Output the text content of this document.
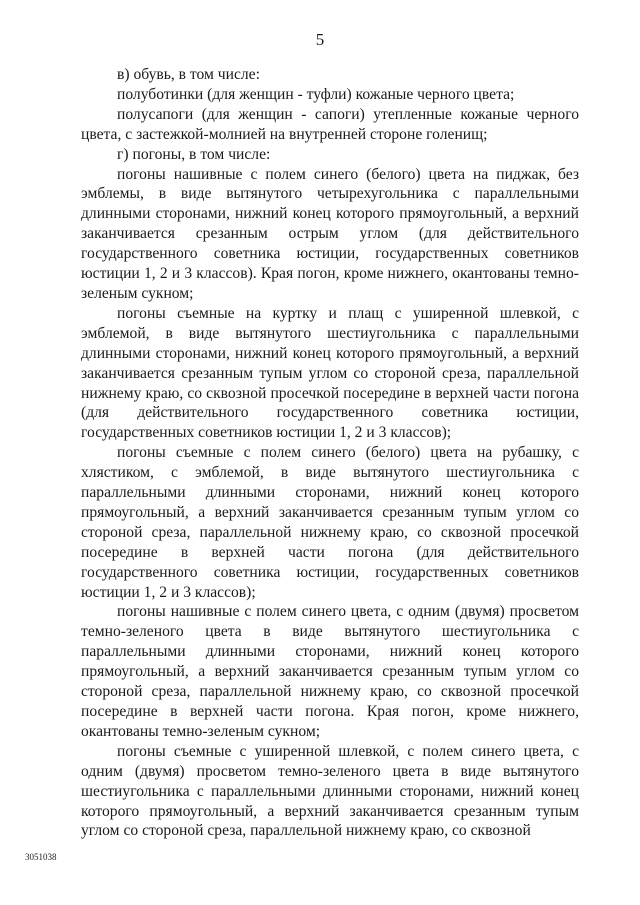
5

в) обувь, в том числе:

полуботинки (для женщин - туфли) кожаные черного цвета;

полусапоги (для женщин - сапоги) утепленные кожаные черного цвета, с застежкой-молнией на внутренней стороне голенищ;

г) погоны, в том числе:

погоны нашивные с полем синего (белого) цвета на пиджак, без эмблемы, в виде вытянутого четырехугольника с параллельными длинными сторонами, нижний конец которого прямоугольный, а верхний заканчивается срезанным острым углом (для действительного государственного советника юстиции, государственных советников юстиции 1, 2 и 3 классов). Края погон, кроме нижнего, окантованы темно-зеленым сукном;

погоны съемные на куртку и плащ с уширенной шлевкой, с эмблемой, в виде вытянутого шестиугольника с параллельными длинными сторонами, нижний конец которого прямоугольный, а верхний заканчивается срезанным тупым углом со стороной среза, параллельной нижнему краю, со сквозной просечкой посередине в верхней части погона (для действительного государственного советника юстиции, государственных советников юстиции 1, 2 и 3 классов);

погоны съемные с полем синего (белого) цвета на рубашку, с хлястиком, с эмблемой, в виде вытянутого шестиугольника с параллельными длинными сторонами, нижний конец которого прямоугольный, а верхний заканчивается срезанным тупым углом со стороной среза, параллельной нижнему краю, со сквозной просечкой посередине в верхней части погона (для действительного государственного советника юстиции, государственных советников юстиции 1, 2 и 3 классов);

погоны нашивные с полем синего цвета, с одним (двумя) просветом темно-зеленого цвета в виде вытянутого шестиугольника с параллельными длинными сторонами, нижний конец которого прямоугольный, а верхний заканчивается срезанным тупым углом со стороной среза, параллельной нижнему краю, со сквозной просечкой посередине в верхней части погона. Края погон, кроме нижнего, окантованы темно-зеленым сукном;

погоны съемные с уширенной шлевкой, с полем синего цвета, с одним (двумя) просветом темно-зеленого цвета в виде вытянутого шестиугольника с параллельными длинными сторонами, нижний конец которого прямоугольный, а верхний заканчивается срезанным тупым углом со стороной среза, параллельной нижнему краю, со сквозной

3051038
